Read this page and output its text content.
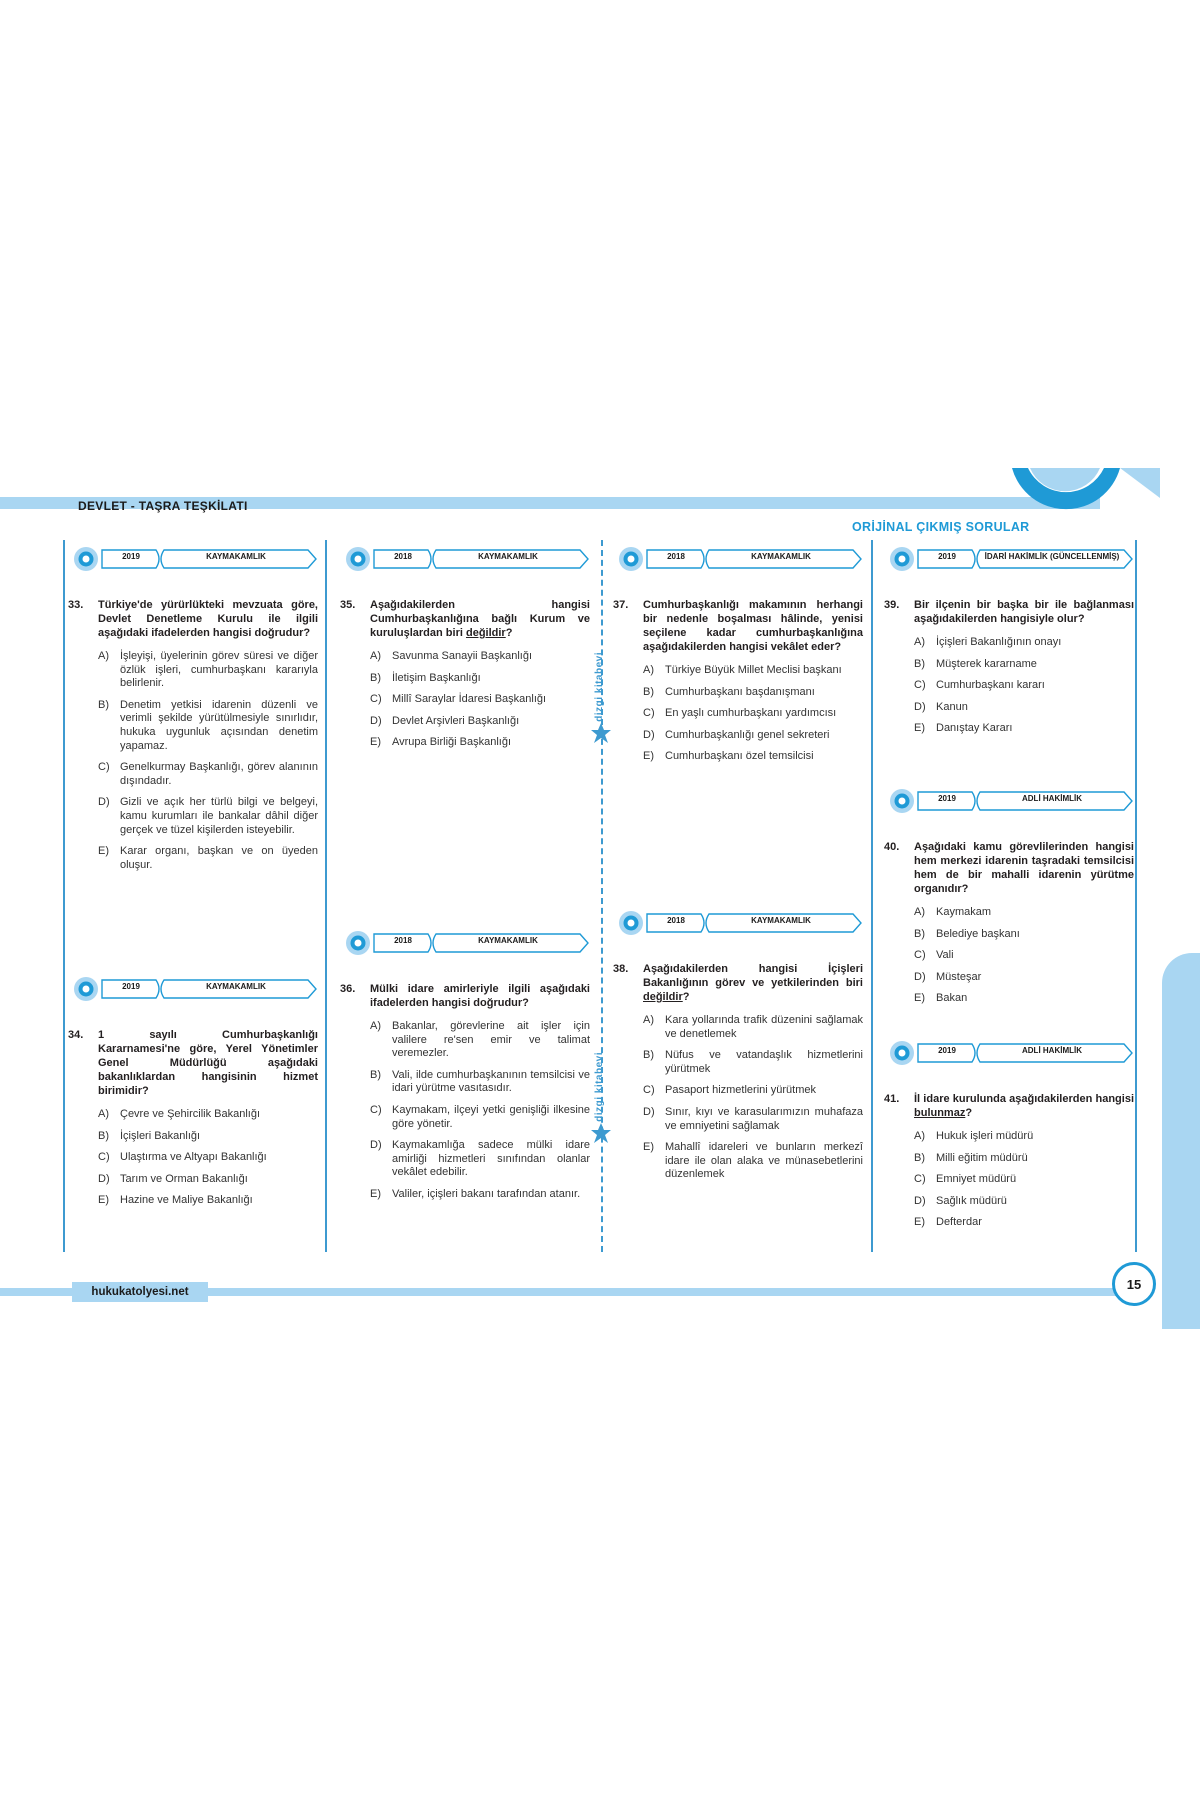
DEVLET - TAŞRA TEŞKİLATI
ORİJİNAL ÇIKMIŞ SORULAR
dizgi kitabevi
dizgi kitabevi
2019	KAYMAKAMLIK
33. Türkiye'de yürürlükteki mevzuata göre, Devlet Denetleme Kurulu ile ilgili aşağıdaki ifadelerden hangisi doğrudur?
A) İşleyişi, üyelerinin görev süresi ve diğer özlük işleri, cumhurbaşkanı kararıyla belirlenir.
B) Denetim yetkisi idarenin düzenli ve verimli şekilde yürütülmesiyle sınırlıdır, hukuka uygunluk açısından denetim yapamaz.
C) Genelkurmay Başkanlığı, görev alanının dışındadır.
D) Gizli ve açık her türlü bilgi ve belgeyi, kamu kurumları ile bankalar dâhil diğer gerçek ve tüzel kişilerden isteyebilir.
E) Karar organı, başkan ve on üyeden oluşur.
2019	KAYMAKAMLIK
34. 1 sayılı Cumhurbaşkanlığı Kararnamesi'ne göre, Yerel Yönetimler Genel Müdürlüğü aşağıdaki bakanlıklardan hangisinin hizmet birimidir?
A) Çevre ve Şehircilik Bakanlığı
B) İçişleri Bakanlığı
C) Ulaştırma ve Altyapı Bakanlığı
D) Tarım ve Orman Bakanlığı
E) Hazine ve Maliye Bakanlığı
2018	KAYMAKAMLIK
35. Aşağıdakilerden hangisi Cumhurbaşkanlığına bağlı Kurum ve kuruluşlardan biri değildir?
A) Savunma Sanayii Başkanlığı
B) İletişim Başkanlığı
C) Millî Saraylar İdaresi Başkanlığı
D) Devlet Arşivleri Başkanlığı
E) Avrupa Birliği Başkanlığı
2018	KAYMAKAMLIK
36. Mülki idare amirleriyle ilgili aşağıdaki ifadelerden hangisi doğrudur?
A) Bakanlar, görevlerine ait işler için valilere re'sen emir ve talimat veremezler.
B) Vali, ilde cumhurbaşkanının temsilcisi ve idari yürütme vasıtasıdır.
C) Kaymakam, ilçeyi yetki genişliği ilkesine göre yönetir.
D) Kaymakamlığa sadece mülki idare amirliği hizmetleri sınıfından olanlar vekâlet edebilir.
E) Valiler, içişleri bakanı tarafından atanır.
2018	KAYMAKAMLIK
37. Cumhurbaşkanlığı makamının herhangi bir nedenle boşalması hâlinde, yenisi seçilene kadar cumhurbaşkanlığına aşağıdakilerden hangisi vekâlet eder?
A) Türkiye Büyük Millet Meclisi başkanı
B) Cumhurbaşkanı başdanışmanı
C) En yaşlı cumhurbaşkanı yardımcısı
D) Cumhurbaşkanlığı genel sekreteri
E) Cumhurbaşkanı özel temsilcisi
2018	KAYMAKAMLIK
38. Aşağıdakilerden hangisi İçişleri Bakanlığının görev ve yetkilerinden biri değildir?
A) Kara yollarında trafik düzenini sağlamak ve denetlemek
B) Nüfus ve vatandaşlık hizmetlerini yürütmek
C) Pasaport hizmetlerini yürütmek
D) Sınır, kıyı ve karasularımızın muhafaza ve emniyetini sağlamak
E) Mahallî idareleri ve bunların merkezî idare ile olan alaka ve münasebetlerini düzenlemek
2019	İDARİ HAKİMLİK (GÜNCELLENMİŞ)
39. Bir ilçenin bir başka bir ile bağlanması aşağıdakilerden hangisiyle olur?
A) İçişleri Bakanlığının onayı
B) Müşterek kararname
C) Cumhurbaşkanı kararı
D) Kanun
E) Danıştay Kararı
2019	ADLİ HAKİMLİK
40. Aşağıdaki kamu görevlilerinden hangisi hem merkezi idarenin taşradaki temsilcisi hem de bir mahalli idarenin yürütme organıdır?
A) Kaymakam
B) Belediye başkanı
C) Vali
D) Müsteşar
E) Bakan
2019	ADLİ HAKİMLİK
41. İl idare kurulunda aşağıdakilerden hangisi bulunmaz?
A) Hukuk işleri müdürü
B) Milli eğitim müdürü
C) Emniyet müdürü
D) Sağlık müdürü
E) Defterdar
hukukatolyesi.net
15
